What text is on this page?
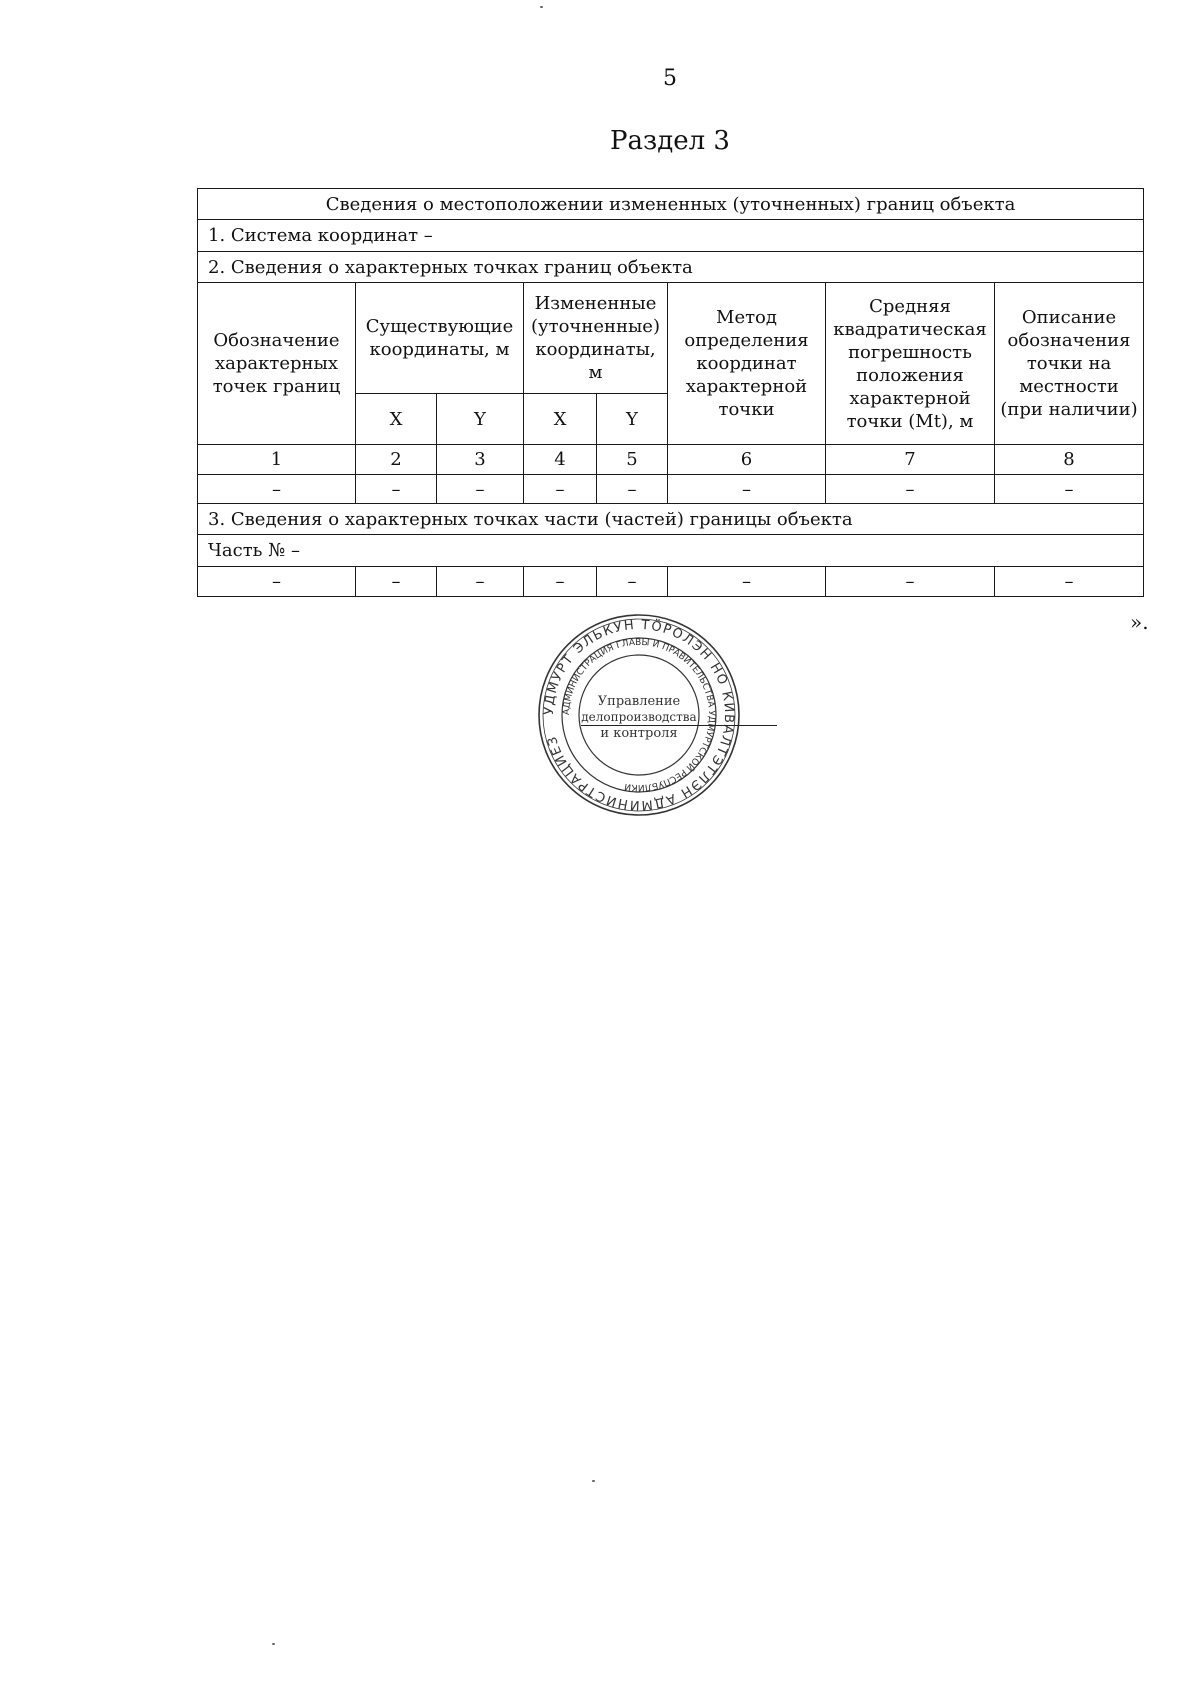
5
Раздел 3
Сведения о местоположении измененных (уточненных) границ объекта							
1. Система координат –							
2. Сведения о характерных точках границ объекта							
Обозначение характерных точек границ	Существующие координаты, м		Измененные (уточненные) координаты, м		Метод определения координат характерной точки	Средняя квадратическая погрешность положения характерной точки (Mt), м	Описание обозначения точки на местности (при наличии)
	X	Y	X	Y			
1	2	3	4	5	6	7	8
–	–	–	–	–	–	–	–
3. Сведения о характерных точках части (частей) границы объекта							
Часть № –							
–	–	–	–	–	–	–	–
».
УДМУРТ ЭЛЬКУН ТӦРОЛЭН НО КИВАЛТЭТЛЭН АДМИНИСТРАЦИЕЗ
АДМИНИСТРАЦИЯ ГЛАВЫ И ПРАВИТЕЛЬСТВА УДМУРТСКОЙ РЕСПУБЛИКИ
Управление
делопроизводства
и контроля
